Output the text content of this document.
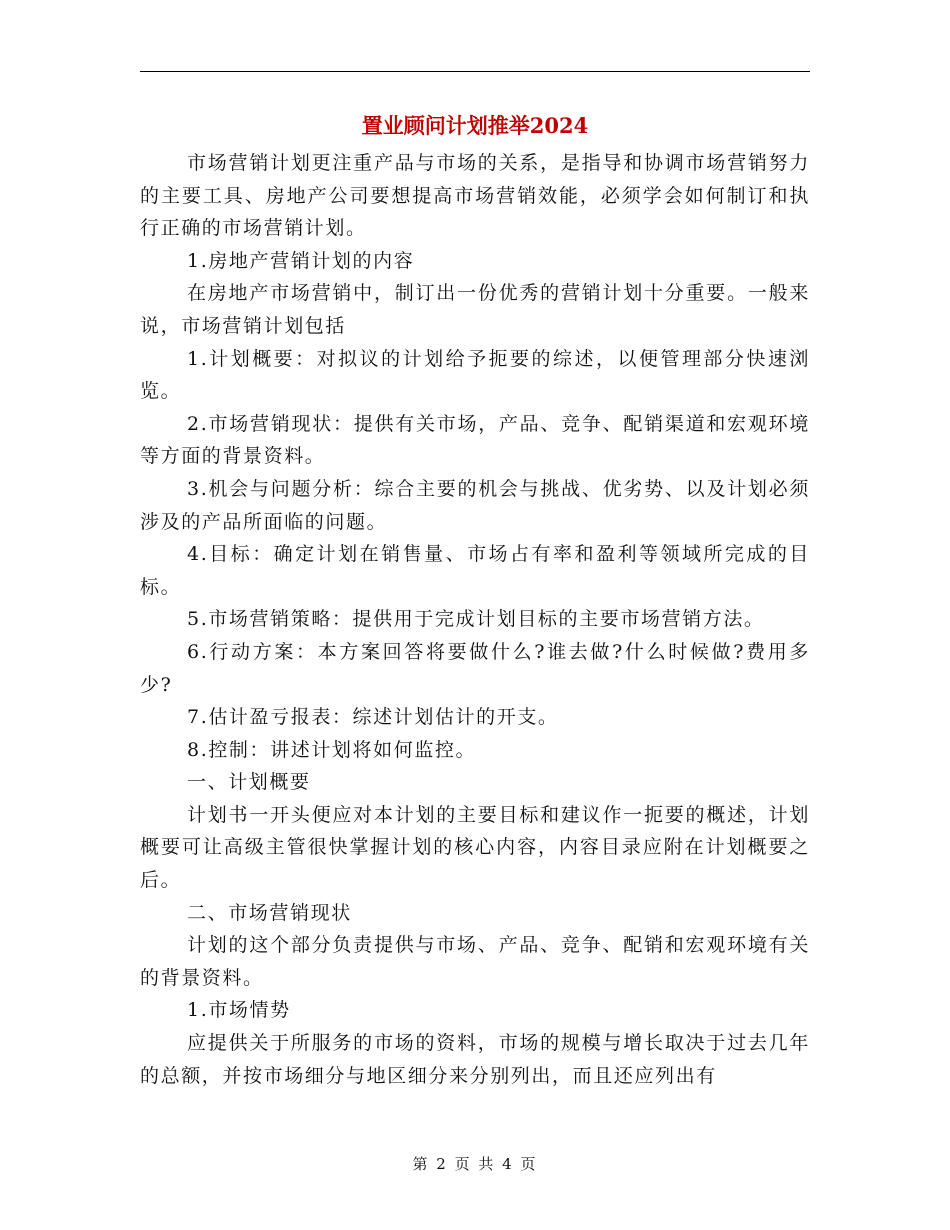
置业顾问计划推举2024

市场营销计划更注重产品与市场的关系，是指导和协调市场营销努力的主要工具、房地产公司要想提高市场营销效能，必须学会如何制订和执行正确的市场营销计划。

1.房地产营销计划的内容

在房地产市场营销中，制订出一份优秀的营销计划十分重要。一般来说，市场营销计划包括

1.计划概要：对拟议的计划给予扼要的综述，以便管理部分快速浏览。

2.市场营销现状：提供有关市场，产品、竞争、配销渠道和宏观环境等方面的背景资料。

3.机会与问题分析：综合主要的机会与挑战、优劣势、以及计划必须涉及的产品所面临的问题。

4.目标：确定计划在销售量、市场占有率和盈利等领域所完成的目标。

5.市场营销策略：提供用于完成计划目标的主要市场营销方法。

6.行动方案：本方案回答将要做什么?谁去做?什么时候做?费用多少?

7.估计盈亏报表：综述计划估计的开支。

8.控制：讲述计划将如何监控。

一、计划概要

计划书一开头便应对本计划的主要目标和建议作一扼要的概述，计划概要可让高级主管很快掌握计划的核心内容，内容目录应附在计划概要之后。

二、市场营销现状

计划的这个部分负责提供与市场、产品、竞争、配销和宏观环境有关的背景资料。

1.市场情势

应提供关于所服务的市场的资料，市场的规模与增长取决于过去几年的总额，并按市场细分与地区细分来分别列出，而且还应列出有

第 2 页 共 4 页
